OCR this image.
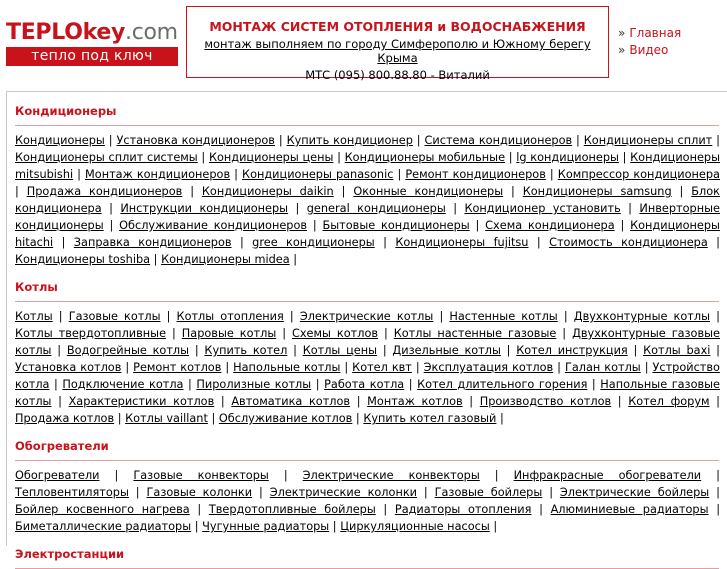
TEPLOkey.com
тепло под ключ
МОНТАЖ СИСТЕМ ОТОПЛЕНИЯ и ВОДОСНАБЖЕНИЯ
монтаж выполняем по городу Симферополю и Южному берегу Крыма
МТС (095) 800.88.80 - Виталий
» Главная
» Видео
Кондиционеры
Кондиционеры | Установка кондиционеров | Купить кондиционер | Система кондиционеров | Кондиционеры сплит | Кондиционеры сплит системы | Кондиционеры цены | Кондиционеры мобильные | lg кондиционеры | Кондиционеры mitsubishi | Монтаж кондиционеров | Кондиционеры panasonic | Ремонт кондиционеров | Компрессор кондиционера | Продажа кондиционеров | Кондиционеры daikin | Оконные кондиционеры | Кондиционеры samsung | Блок кондиционера | Инструкции кондиционеры | general кондиционеры | Кондиционер установить | Инверторные кондиционеры | Обслуживание кондиционеров | Бытовые кондиционеры | Схема кондиционера | Кондиционеры hitachi | Заправка кондиционеров | gree кондиционеры | Кондиционеры fujitsu | Стоимость кондиционера | Кондиционеры toshiba | Кондиционеры midea |
Котлы
Котлы | Газовые котлы | Котлы отопления | Электрические котлы | Настенные котлы | Двухконтурные котлы | Котлы твердотопливные | Паровые котлы | Схемы котлов | Котлы настенные газовые | Двухконтурные газовые котлы | Водогрейные котлы | Купить котел | Котлы цены | Дизельные котлы | Котел инструкция | Котлы baxi | Установка котлов | Ремонт котлов | Напольные котлы | Котел квт | Эксплуатация котлов | Галан котлы | Устройство котла | Подключение котла | Пиролизные котлы | Работа котла | Котел длительного горения | Напольные газовые котлы | Характеристики котлов | Автоматика котлов | Монтаж котлов | Производство котлов | Котел форум | Продажа котлов | Котлы vaillant | Обслуживание котлов | Купить котел газовый |
Обогреватели
Обогреватели | Газовые конвекторы | Электрические конвекторы | Инфракрасные обогреватели | Тепловентиляторы | Газовые колонки | Электрические колонки | Газовые бойлеры | Электрические бойлеры | Бойлер косвенного нагрева | Твердотопливные бойлеры | Радиаторы отопления | Алюминиевые радиаторы | Биметаллические радиаторы | Чугунные радиаторы | Циркуляционные насосы |
Электростанции
